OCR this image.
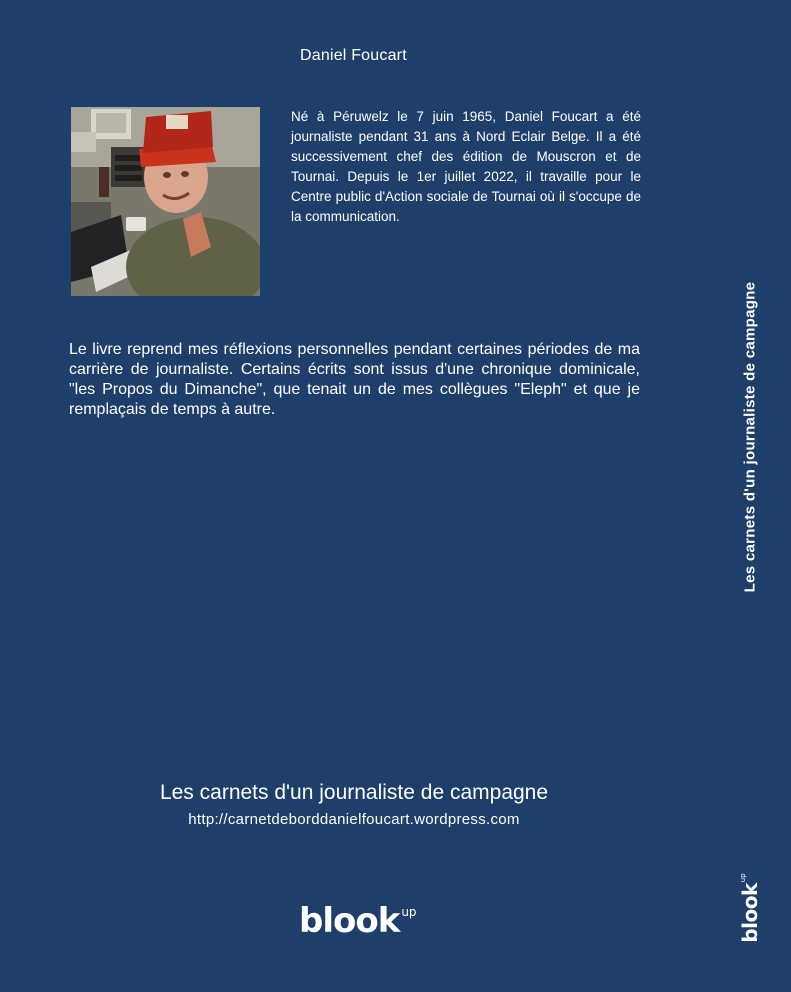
Daniel Foucart
Né à Péruwelz le 7 juin 1965, Daniel Foucart a été journaliste pendant 31 ans à Nord Eclair Belge. Il a été successivement chef des édition de Mouscron et de Tournai. Depuis le 1er juillet 2022, il travaille pour le Centre public d'Action sociale de Tournai où il s'occupe de la communication.
Le livre reprend mes réflexions personnelles pendant certaines périodes de ma carrière de journaliste. Certains écrits sont issus d'une chronique dominicale, "les Propos du Dimanche", que tenait un de mes collègues "Eleph" et que je remplaçais de temps à autre.	Les carnets d'un journaliste de campagne
Les carnets d'un journaliste de campagne
http://carnetdeborddanielfoucart.wordpress.com
blook up	blook
up
